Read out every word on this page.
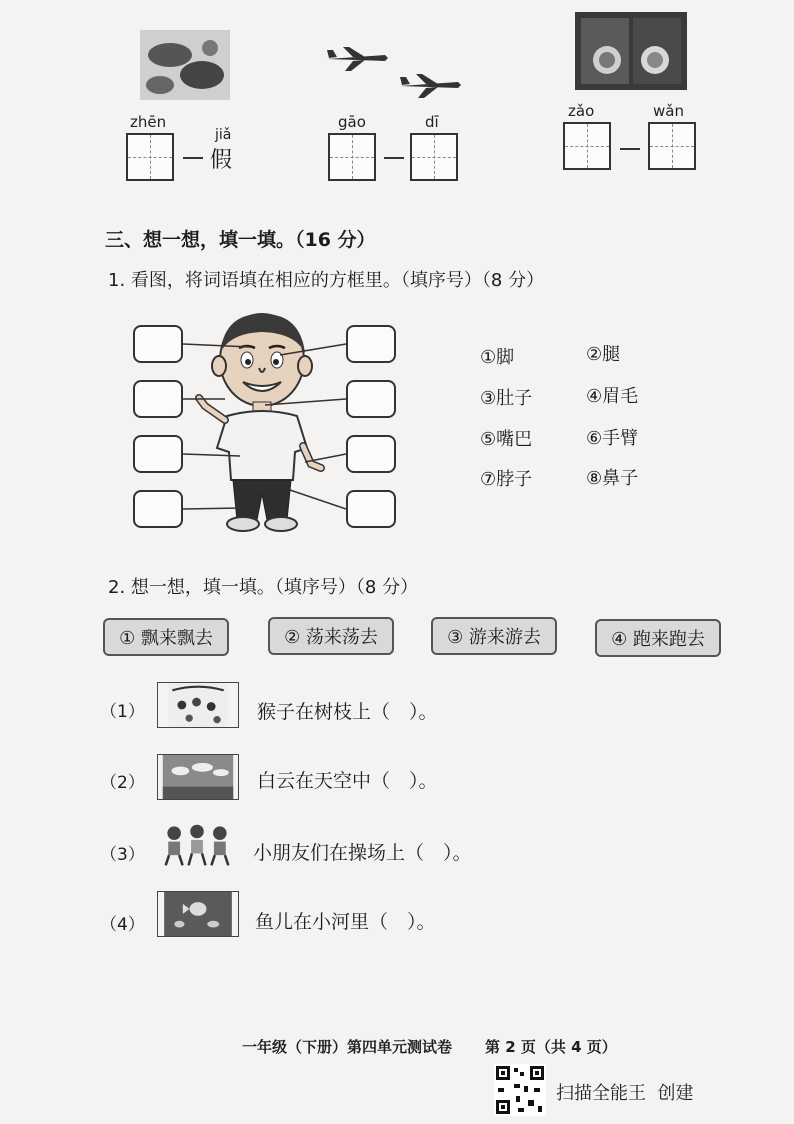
zhēn
jiǎ
假
gāo	dī
zǎo	wǎn
三、想一想，填一填。（16 分）
1. 看图，将词语填在相应的方框里。（填序号）（8 分）
①脚	②腿
③肚子	④眉毛
⑤嘴巴	⑥手臂
⑦脖子	⑧鼻子
2. 想一想，填一填。（填序号）（8 分）
① 飘来飘去	② 荡来荡去	③ 游来游去	④ 跑来跑去
（1）	猴子在树枝上（　）。
（2）	白云在天空中（　）。
（3）	小朋友们在操场上（　）。
（4）	鱼儿在小河里（　）。
一年级（下册）第四单元测试卷 第 2 页（共 4 页）
扫描全能王  创建
